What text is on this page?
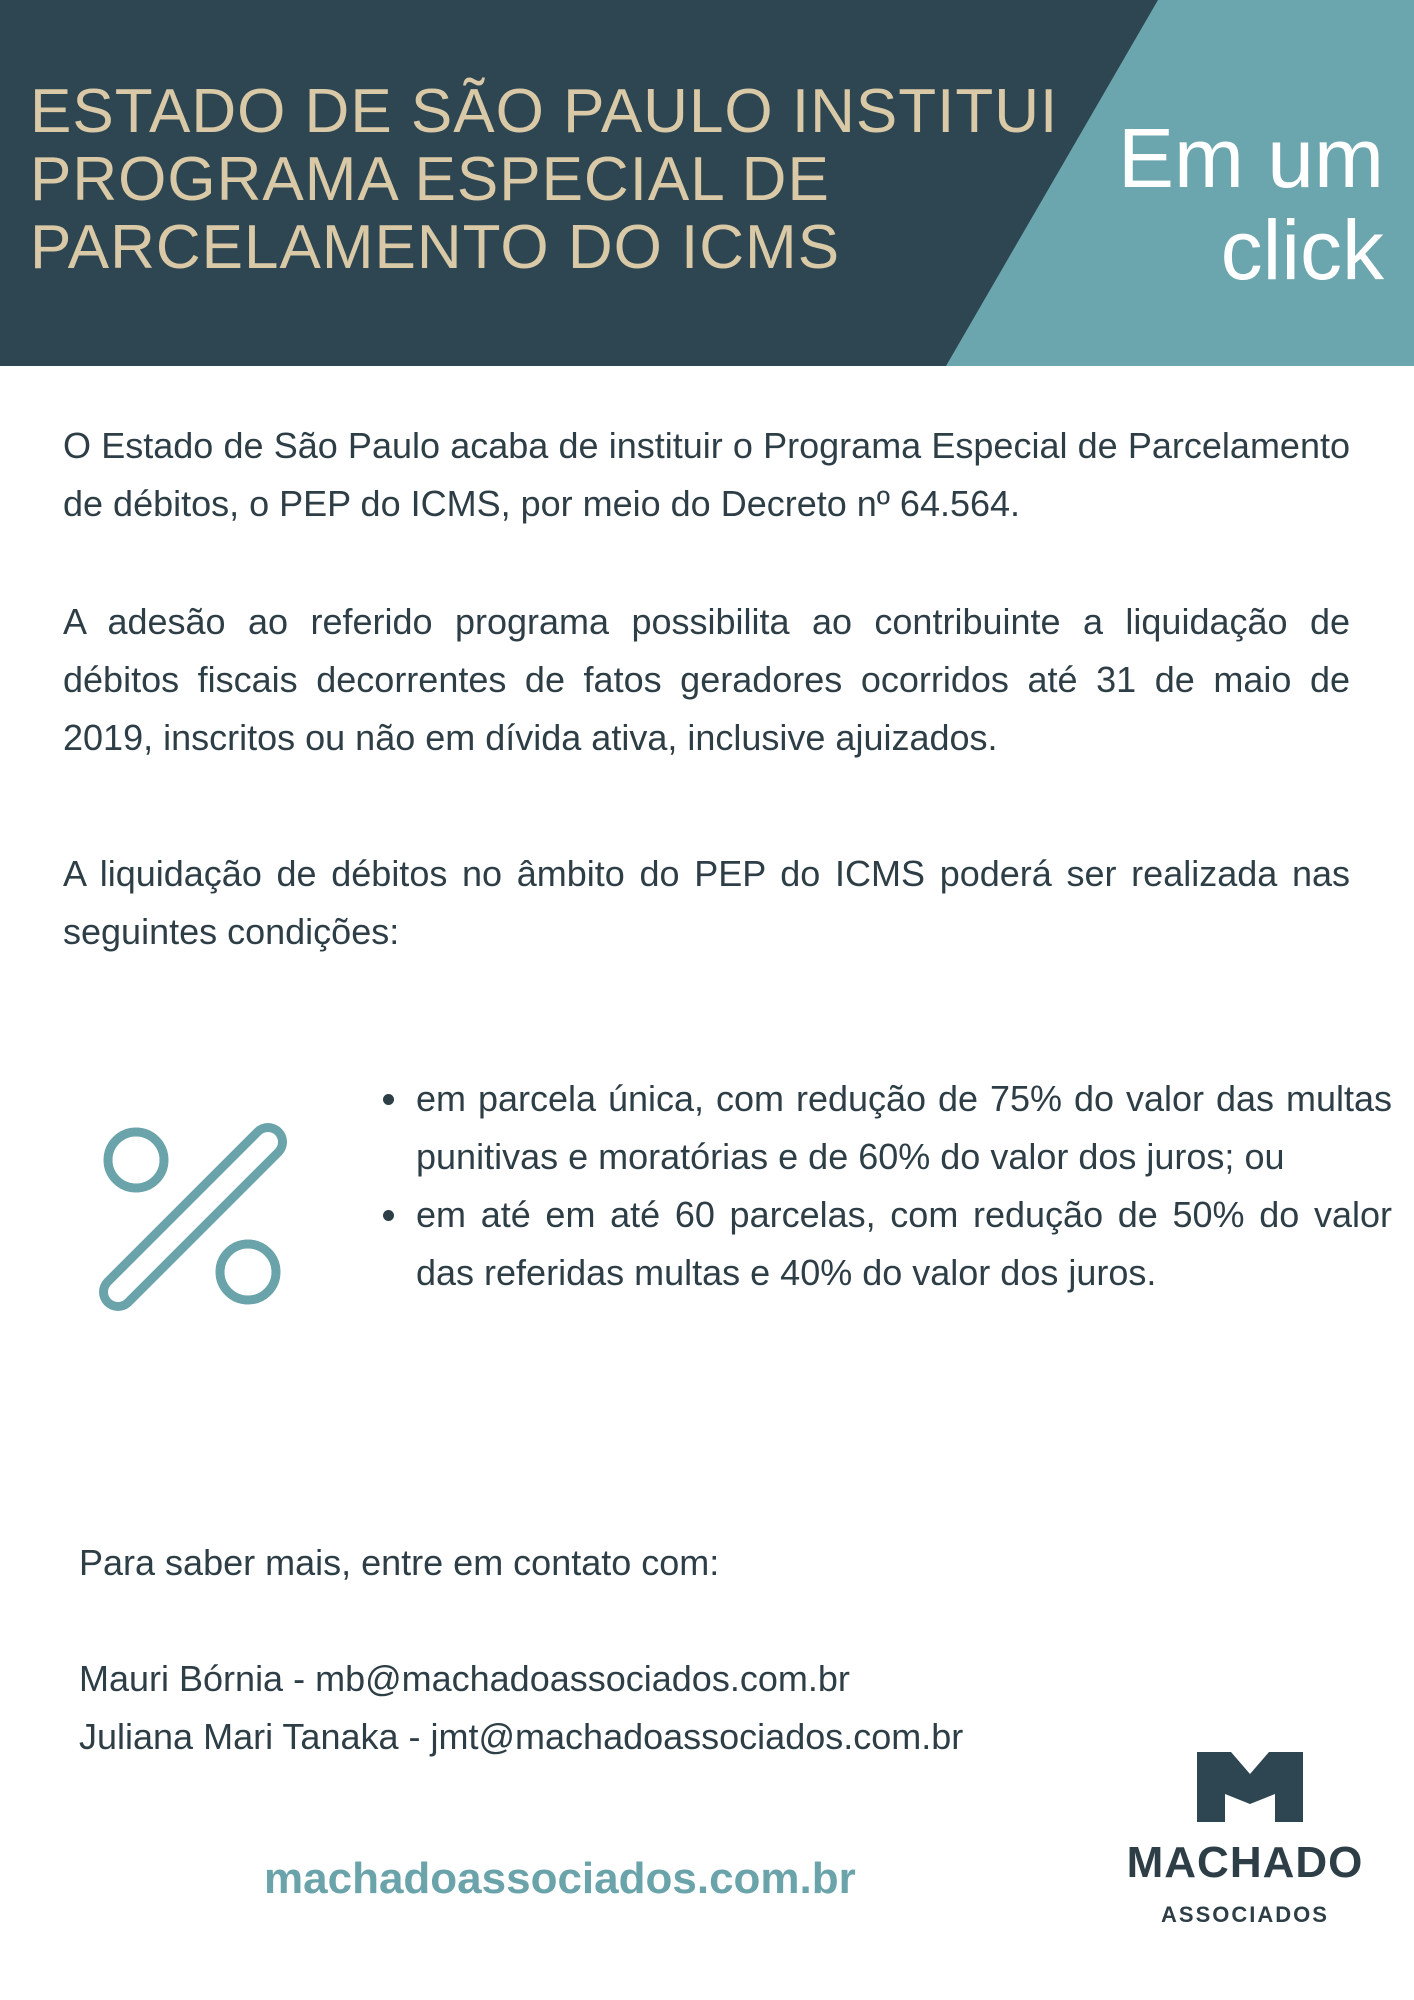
ESTADO DE SÃO PAULO INSTITUI
PROGRAMA ESPECIAL DE
PARCELAMENTO DO ICMS
Em um
click

O Estado de São Paulo acaba de instituir o Programa Especial de Parcelamento de débitos, o PEP do ICMS, por meio do Decreto nº 64.564.

A adesão ao referido programa possibilita ao contribuinte a liquidação de débitos fiscais decorrentes de fatos geradores ocorridos até 31 de maio de 2019, inscritos ou não em dívida ativa, inclusive ajuizados.

A liquidação de débitos no âmbito do PEP do ICMS poderá ser realizada nas seguintes condições:

• em parcela única, com redução de 75% do valor das multas punitivas e moratórias e de 60% do valor dos juros; ou
• em até em até 60 parcelas, com redução de 50% do valor das referidas multas e 40% do valor dos juros.

Para saber mais, entre em contato com:

Mauri Bórnia - mb@machadoassociados.com.br

Juliana Mari Tanaka - jmt@machadoassociados.com.br

machadoassociados.com.br	MACHADO
ASSOCIADOS
